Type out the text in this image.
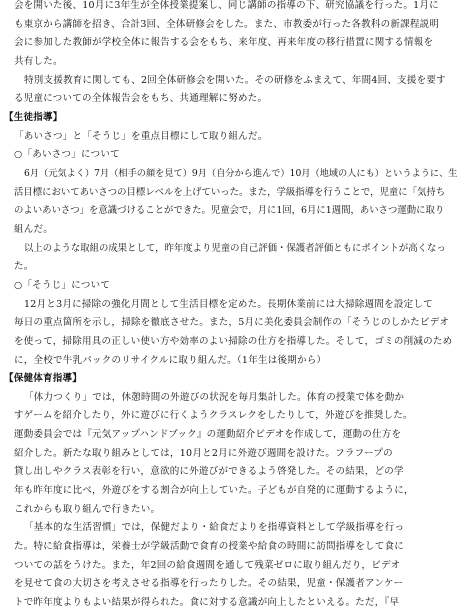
会を開いた後、10月に3年生が全体授業提案し、同じ講師の指導の下、研究協議を行った。1月に
も東京から講師を招き、合計3回、全体研修会をした。また、市教委が行った各教科の新課程説明
会に参加した教師が学校全体に報告する会をもち、来年度、再来年度の移行措置に関する情報を
共有した。
特別支援教育に関しても、2回全体研修会を開いた。その研修をふまえて、年間4回、支援を要す
る児童についての全体報告会をもち、共通理解に努めた。
【生徒指導】
「あいさつ」と「そうじ」を重点目標にして取り組んだ。
○「あいさつ」について
6月（元気よく）7月（相手の顔を見て）9月（自分から進んで）10月（地域の人にも）というように、生
活目標においてあいさつの目標レベルを上げていった。また，学級指導を行うことで，児童に「気持ち
のよいあいさつ」を意識づけることができた。児童会で，月に1回，6月に1週間，あいさつ運動に取り
組んだ。
以上のような取組の成果として，昨年度より児童の自己評価・保護者評価ともにポイントが高くなっ
た。
○「そうじ」について
12月と3月に掃除の強化月間として生活目標を定めた。長期休業前には大掃除週間を設定して
毎日の重点箇所を示し，掃除を徹底させた。また，5月に美化委員会制作の「そうじのしかたビデオ
を使って，掃除用具の正しい使い方や効率のよい掃除の仕方を指導した。そして，ゴミの削減のため
に，全校で牛乳パックのリサイクルに取り組んだ。（1年生は後期から）
【保健体育指導】
「体力つくり」では，休憩時間の外遊びの状況を毎月集計した。体育の授業で体を動か
すゲームを紹介したり，外に遊びに行くようクラスレクをしたりして，外遊びを推奨した。
運動委員会では『元気アップハンドブック』の運動紹介ビデオを作成して，運動の仕方を
紹介した。新たな取り組みとしては，10月と2月に外遊び週間を設けた。フラフープの
貸し出しやクラス表彰を行い，意欲的に外遊びができるよう啓発した。その結果，どの学
年も昨年度に比べ，外遊びをする割合が向上していた。子どもが自発的に運動するように，
これからも取り組んで行きたい。
「基本的な生活習慣」では，保健だより・給食だよりを指導資料として学級指導を行っ
た。特に給食指導は，栄養士が学級活動で食育の授業や給食の時間に訪問指導をして食に
ついての話をうけた。また，年2回の給食週間を通して残菜ゼロに取り組んだり，ビデオ
を見せて食の大切さを考えさせる指導を行ったりした。その結果，児童・保護者アンケー
トで昨年度よりもよい結果が得られた。食に対する意識が向上したといえる。ただ，『早
